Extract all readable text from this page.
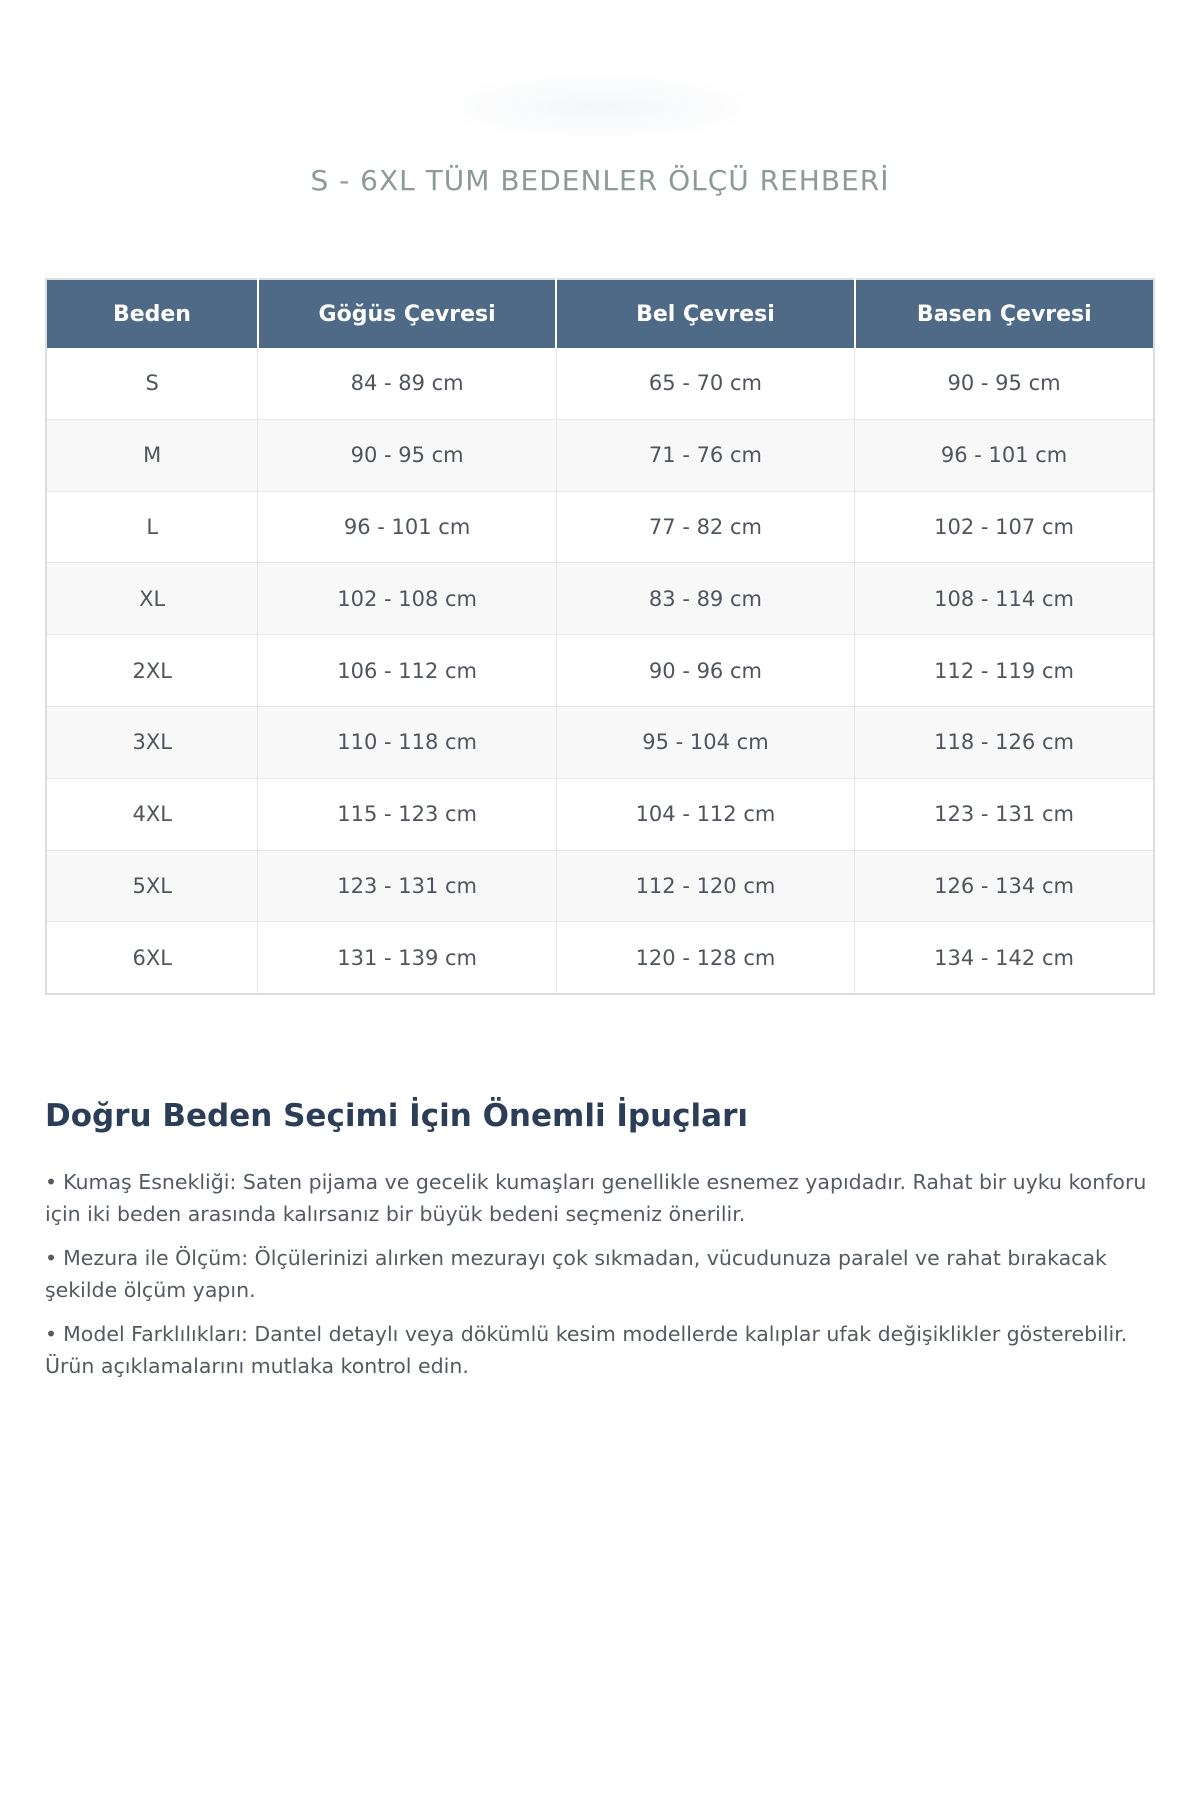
S - 6XL TÜM BEDENLER ÖLÇÜ REHBERİ
Beden	Göğüs Çevresi	Bel Çevresi	Basen Çevresi
S	84 - 89 cm	65 - 70 cm	90 - 95 cm
M	90 - 95 cm	71 - 76 cm	96 - 101 cm
L	96 - 101 cm	77 - 82 cm	102 - 107 cm
XL	102 - 108 cm	83 - 89 cm	108 - 114 cm
2XL	106 - 112 cm	90 - 96 cm	112 - 119 cm
3XL	110 - 118 cm	95 - 104 cm	118 - 126 cm
4XL	115 - 123 cm	104 - 112 cm	123 - 131 cm
5XL	123 - 131 cm	112 - 120 cm	126 - 134 cm
6XL	131 - 139 cm	120 - 128 cm	134 - 142 cm
Doğru Beden Seçimi İçin Önemli İpuçları
• Kumaş Esnekliği: Saten pijama ve gecelik kumaşları genellikle esnemez yapıdadır. Rahat bir uyku konforu için iki beden arasında kalırsanız bir büyük bedeni seçmeniz önerilir.
• Mezura ile Ölçüm: Ölçülerinizi alırken mezurayı çok sıkmadan, vücudunuza paralel ve rahat bırakacak şekilde ölçüm yapın.
• Model Farklılıkları: Dantel detaylı veya dökümlü kesim modellerde kalıplar ufak değişiklikler gösterebilir. Ürün açıklamalarını mutlaka kontrol edin.
